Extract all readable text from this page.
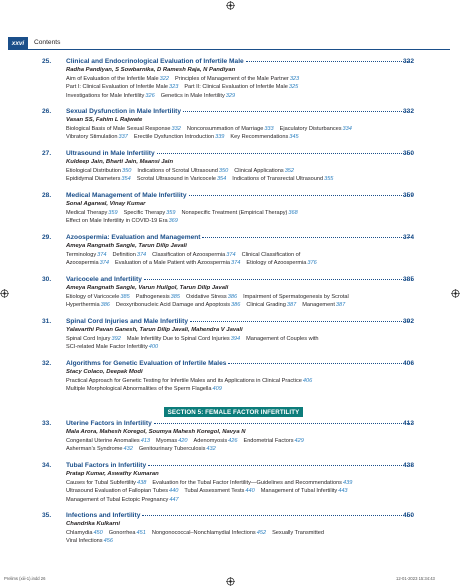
xxvi	Contents
25. Clinical and Endocrinological Evaluation of Infertile Male	322
Radha Pandiyan, S Sowbarnika, D Ramesh Raja, N Pandiyan
Aim of Evaluation of the Infertile Male322 Principles of Management of the Male Partner323
Part I: Clinical Evaluation of Infertile Male323 Part II: Clinical Evaluation of Infertile Male325
Investigations for Male Infertility326 Genetics in Male Infertility329
26. Sexual Dysfunction in Male Infertility	332
Vasan SS, Fahim L Rajwate
Biological Basis of Male Sexual Response332 Nonconsummation of Marriage333 Ejaculatory Disturbances334
Vibratory Stimulation337 Erectile Dysfunction Introduction339 Key Recommendations345
27. Ultrasound in Male Infertility	350
Kuldeep Jain, Bharti Jain, Maansi Jain
Etiological Distribution350 Indications of Scrotal Ultrasound350 Clinical Applications352
Epididymal Diameters354 Scrotal Ultrasound in Varicocele354 Indications of Transrectal Ultrasound355
28. Medical Management of Male Infertility	359
Sonal Agarwal, Vinay Kumar
Medical Therapy359 Specific Therapy359 Nonspecific Treatment (Empirical Therapy)368
Effect on Male Infertility in COVID-19 Era369
29. Azoospermia: Evaluation and Management	374
Ameya Rangnath Sangle, Tarun Dilip Javali
Terminology374 Definition374 Classification of Azoospermia374 Clinical Classification of
Azoospermia374 Evaluation of a Male Patient with Azoospermia374 Etiology of Azoospermia376
30. Varicocele and Infertility	385
Ameya Rangnath Sangle, Varun Huilgol, Tarun Dilip Javali
Etiology of Varicocele385 Pathogenesis385 Oxidative Stress386 Impairment of Spermatogenesis by Scrotal
Hyperthermia386 Deoxyribonucleic Acid Damage and Apoptosis386 Clinical Grading387 Management387
31. Spinal Cord Injuries and Male Infertility	392
Yalavarthi Pavan Ganesh, Tarun Dilip Javali, Mahendra V Javali
Spinal Cord Injury392 Male Infertility Due to Spinal Cord Injuries394 Management of Couples with
SCI-related Male Factor Infertility400
32. Algorithms for Genetic Evaluation of Infertile Males	406
Stacy Colaco, Deepak Modi
Practical Approach for Genetic Testing for Infertile Males and its Applications in Clinical Practice406
Multiple Morphological Abnormalities of the Sperm Flagella409
33. Uterine Factors in Infertility	413
Mala Arora, Mahesh Koregol, Soumya Mahesh Koregol, Navya N
Congenital Uterine Anomalies413 Myomas420 Adenomyosis426 Endometrial Factors429
Asherman’s Syndrome432 Genitourinary Tuberculosis432
34. Tubal Factors in Infertility	438
Pratap Kumar, Aswathy Kumaran
Causes for Tubal Subfertility438 Evaluation for the Tubal Factor Infertility—Guidelines and Recommendations439
Ultrasound Evaluation of Fallopian Tubes440 Tubal Assessment Tests440 Management of Tubal Infertility443
Management of Tubal Ectopic Pregnancy447
35. Infections and Infertility	450
Chandrika Kulkarni
Chlamydia450 Gonorrhea451 Nongonococcal–Nonchlamydial Infections452 Sexually Transmitted
Viral Infections456
SECTION 5: FEMALE FACTOR INFERTILITY
Prelims (xiii-1).indd 26	12-01-2023 15:34:43
